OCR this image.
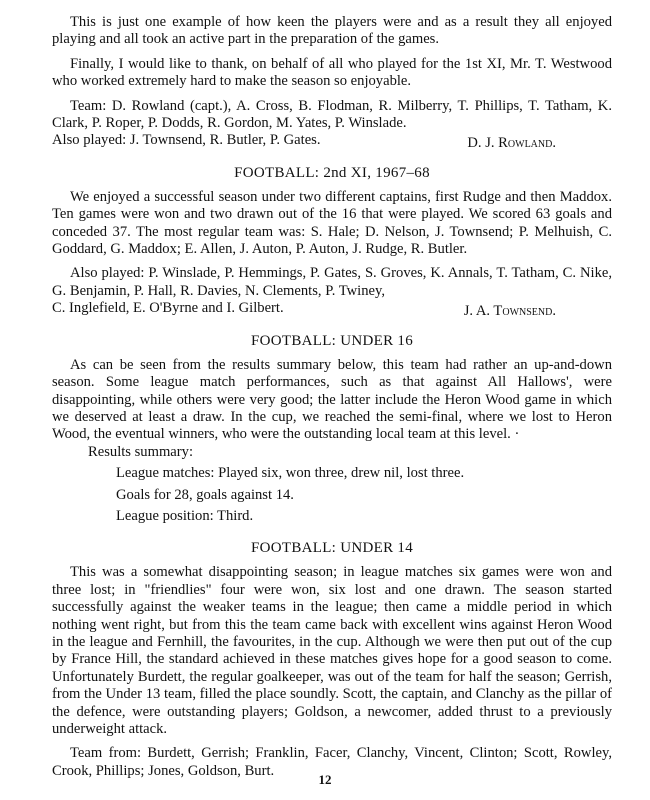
This is just one example of how keen the players were and as a result they all enjoyed playing and all took an active part in the preparation of the games.

Finally, I would like to thank, on behalf of all who played for the 1st XI, Mr. T. Westwood who worked extremely hard to make the season so enjoyable.

Team: D. Rowland (capt.), A. Cross, B. Flodman, R. Milberry, T. Phillips, T. Tatham, K. Clark, P. Roper, P. Dodds, R. Gordon, M. Yates, P. Winslade.

Also played: J. Townsend, R. Butler, P. Gates.	D. J. Rowland.
FOOTBALL: 2nd XI, 1967–68

We enjoyed a successful season under two different captains, first Rudge and then Maddox. Ten games were won and two drawn out of the 16 that were played. We scored 63 goals and conceded 37. The most regular team was: S. Hale; D. Nelson, J. Townsend; P. Melhuish, C. Goddard, G. Maddox; E. Allen, J. Auton, P. Auton, J. Rudge, R. Butler.

Also played: P. Winslade, P. Hemmings, P. Gates, S. Groves, K. Annals, T. Tatham, C. Nike, G. Benjamin, P. Hall, R. Davies, N. Clements, P. Twiney,

C. Inglefield, E. O'Byrne and I. Gilbert.	J. A. Townsend.
FOOTBALL: UNDER 16

As can be seen from the results summary below, this team had rather an up-and-down season. Some league match performances, such as that against All Hallows', were disappointing, while others were very good; the latter include the Heron Wood game in which we deserved at least a draw. In the cup, we reached the semi-final, where we lost to Heron Wood, the eventual winners, who were the outstanding local team at this level. ·

Results summary:
League matches: Played six, won three, drew nil, lost three.
Goals for 28, goals against 14.
League position: Third.
FOOTBALL: UNDER 14

This was a somewhat disappointing season; in league matches six games were won and three lost; in "friendlies" four were won, six lost and one drawn. The season started successfully against the weaker teams in the league; then came a middle period in which nothing went right, but from this the team came back with excellent wins against Heron Wood in the league and Fernhill, the favourites, in the cup. Although we were then put out of the cup by France Hill, the standard achieved in these matches gives hope for a good season to come. Unfortunately Burdett, the regular goalkeeper, was out of the team for half the season; Gerrish, from the Under 13 team, filled the place soundly. Scott, the captain, and Clanchy as the pillar of the defence, were outstanding players; Goldson, a newcomer, added thrust to a previously underweight attack.

Team from: Burdett, Gerrish; Franklin, Facer, Clanchy, Vincent, Clinton; Scott, Rowley, Crook, Phillips; Jones, Goldson, Burt.

12
